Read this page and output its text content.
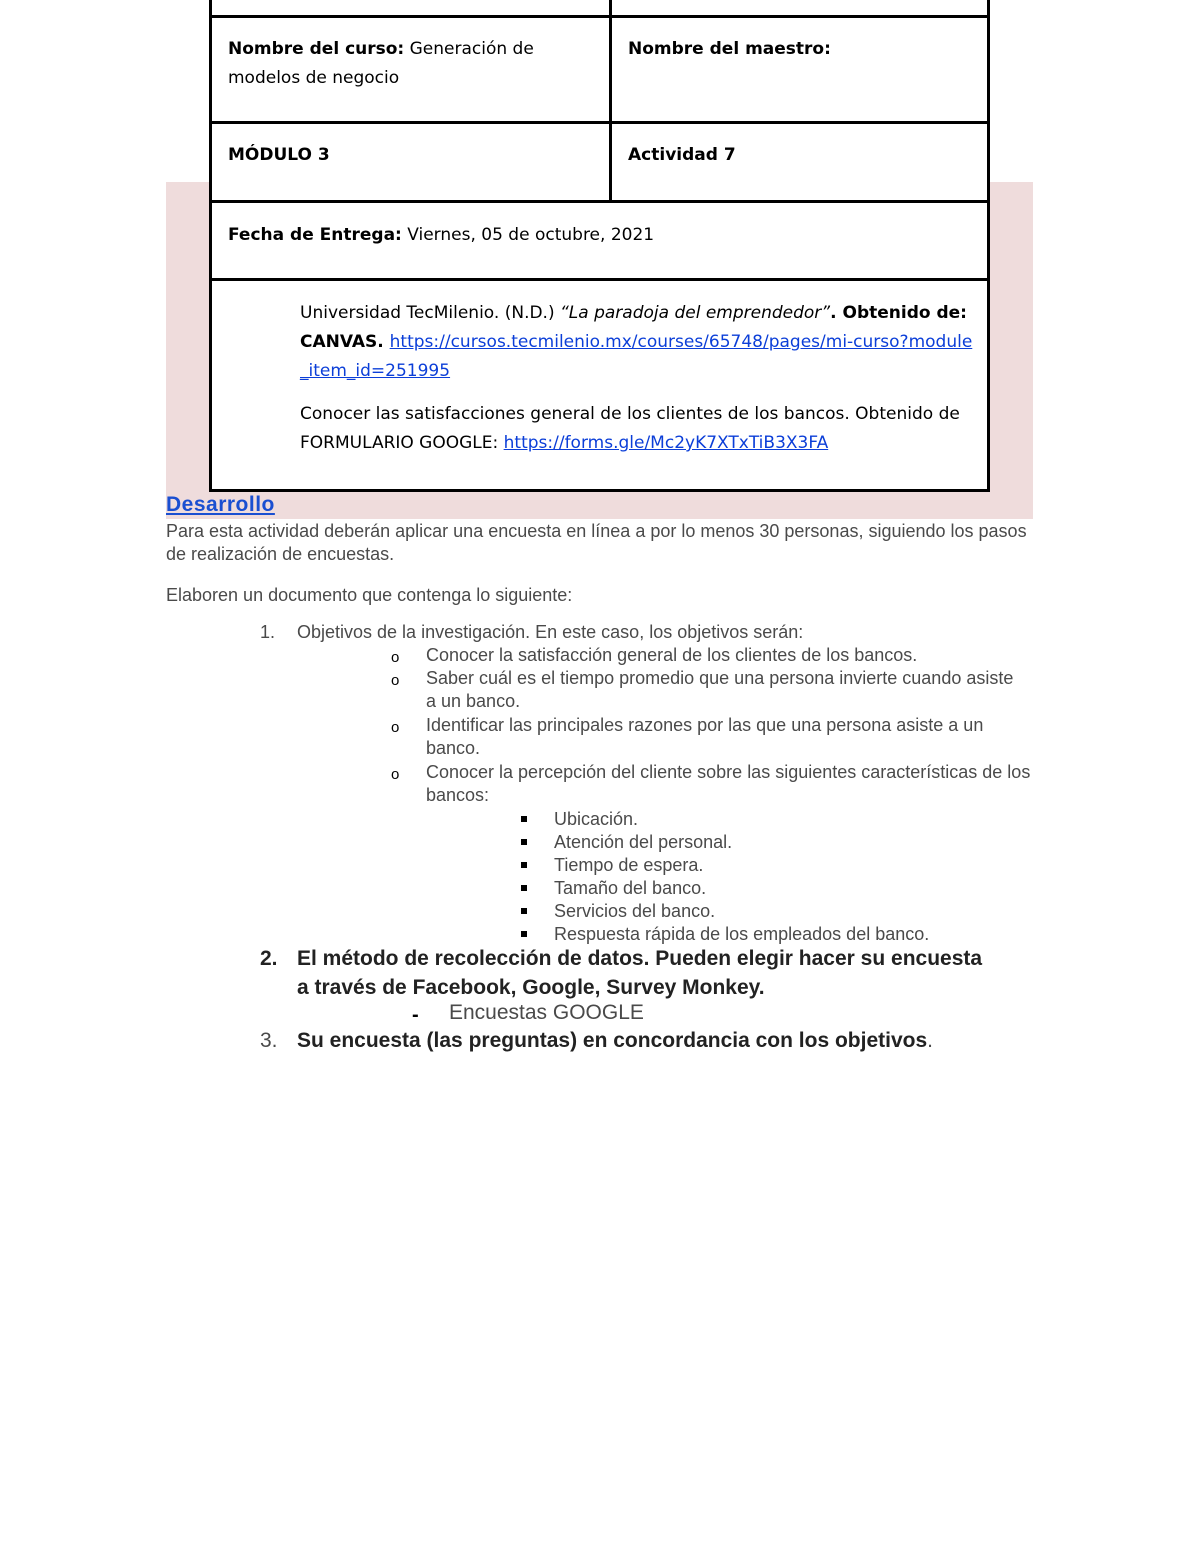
Nombre del curso: Generación de modelos de negocio
Nombre del maestro:
MÓDULO 3	Actividad 7
Fecha de Entrega: Viernes, 05 de octubre, 2021

Universidad TecMilenio. (N.D.) “La paradoja del emprendedor”. Obtenido de: CANVAS. https://cursos.tecmilenio.mx/courses/65748/pages/mi-curso?module_item_id=251995

Conocer las satisfacciones general de los clientes de los bancos. Obtenido de FORMULARIO GOOGLE: https://forms.gle/Mc2yK7XTxTiB3X3FA

Desarrollo
Para esta actividad deberán aplicar una encuesta en línea a por lo menos 30 personas, siguiendo los pasos de realización de encuestas.
Elaboren un documento que contenga lo siguiente:
1. Objetivos de la investigación. En este caso, los objetivos serán:
o Conocer la satisfacción general de los clientes de los bancos.
o Saber cuál es el tiempo promedio que una persona invierte cuando asiste a un banco.
o Identificar las principales razones por las que una persona asiste a un banco.
o Conocer la percepción del cliente sobre las siguientes características de los bancos:
Ubicación.
Atención del personal.
Tiempo de espera.
Tamaño del banco.
Servicios del banco.
Respuesta rápida de los empleados del banco.
2. El método de recolección de datos. Pueden elegir hacer su encuesta a través de Facebook, Google, Survey Monkey.
- Encuestas GOOGLE
3. Su encuesta (las preguntas) en concordancia con los objetivos.
